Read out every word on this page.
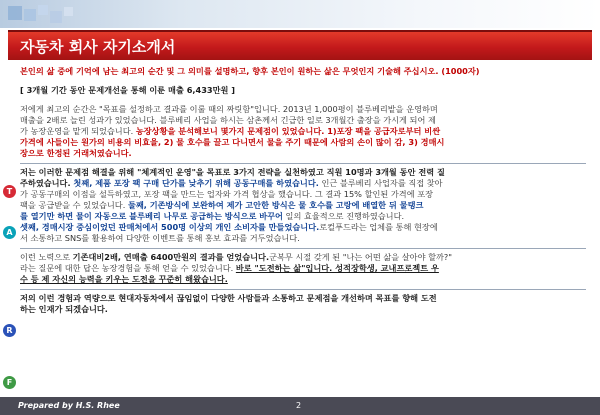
자동차 회사 자기소개서
T
A
R
F

본인의 삶 중에 기억에 남는 최고의 순간 및 그 의미를 설명하고, 향후 본인이 원하는 삶은 무엇인지 기술해 주십시오. (1000자)

[ 3개월 기간 동안 문제개선을 통해 이룬 매출 6,433만원 ]

저에게 최고의 순간은 "목표를 설정하고 결과를 이룰 때의 짜릿함"입니다. 2013년 1,000평이 블루베리밭을 운영하며
매출을 2배로 늘린 성과가 있었습니다. 블루베리 사업을 하시는 삼촌께서 긴급한 일로 3개월간 출장을 가시게 되어 제
가 농장운영을 맡게 되었습니다. 농장상황을 분석해보니 몇가지 문제점이 있었습니다. 1)포장 팩을 공급자로부터 비싼
가격에 사들이는 원가의 비용의 비효율, 2) 물 호수를 끌고 다니면서 물을 주기 때문에 사람의 손이 많이 감, 3) 경매시
장으로 한정된 거래처였습니다.
저는 이러한 문제점 해결을 위해 "체계적인 운영"을 목표로 3가지 전략을 실천하였고 직원 10명과 3개월 동안 전력 질
주하였습니다. 첫째, 제품 포장 팩 구매 단가를 낮추기 위해 공동구매를 하였습니다. 인근 블루베리 사업자를 직접 찾아
가 공동구매의 이점을 설득하였고, 포장 팩을 만드는 업자와 가격 협상을 했습니다. 그 결과 15% 할인된 가격에 포장
팩을 공급받을 수 있었습니다. 둘째, 기존방식에 보완하여 제가 고안한 방식은 물 호수를 고랑에 배열한 뒤 물탱크
를 열기만 하면 물이 자동으로 블루베리 나무로 공급하는 방식으로 바꾸어 일의 효율적으로 진행하였습니다.
셋째, 경매시장 중심이었던 판매처에서 500명 이상의 개인 소비자를 만들었습니다.로컬푸드라는 업체를 통해 현장에
서 소통하고 SNS를 활용하여 다양한 이벤트를 통해 홍보 효과를 거두었습니다.
이런 노력으로 기존대비2배, 연매출 6400만원의 결과를 얻었습니다.군복무 시절 갖게 된 "나는 어떤 삶을 살아야 할까?"
라는 질문에 대한 답은 농장경험을 통해 얻을 수 있었습니다. 바로 "도전하는 삶"입니다. 성적장학생, 교내프로젝트 우
수 등 제 자신의 능력을 키우는 도전을 꾸준히 해왔습니다.
저의 이런 경험과 역량으로 현대자동차에서 끊임없이 다양한 사람들과 소통하고 문제점을 개선하며 목표를 향해 도전
하는 인재가 되겠습니다.
Prepared by H.S. Rhee	2
